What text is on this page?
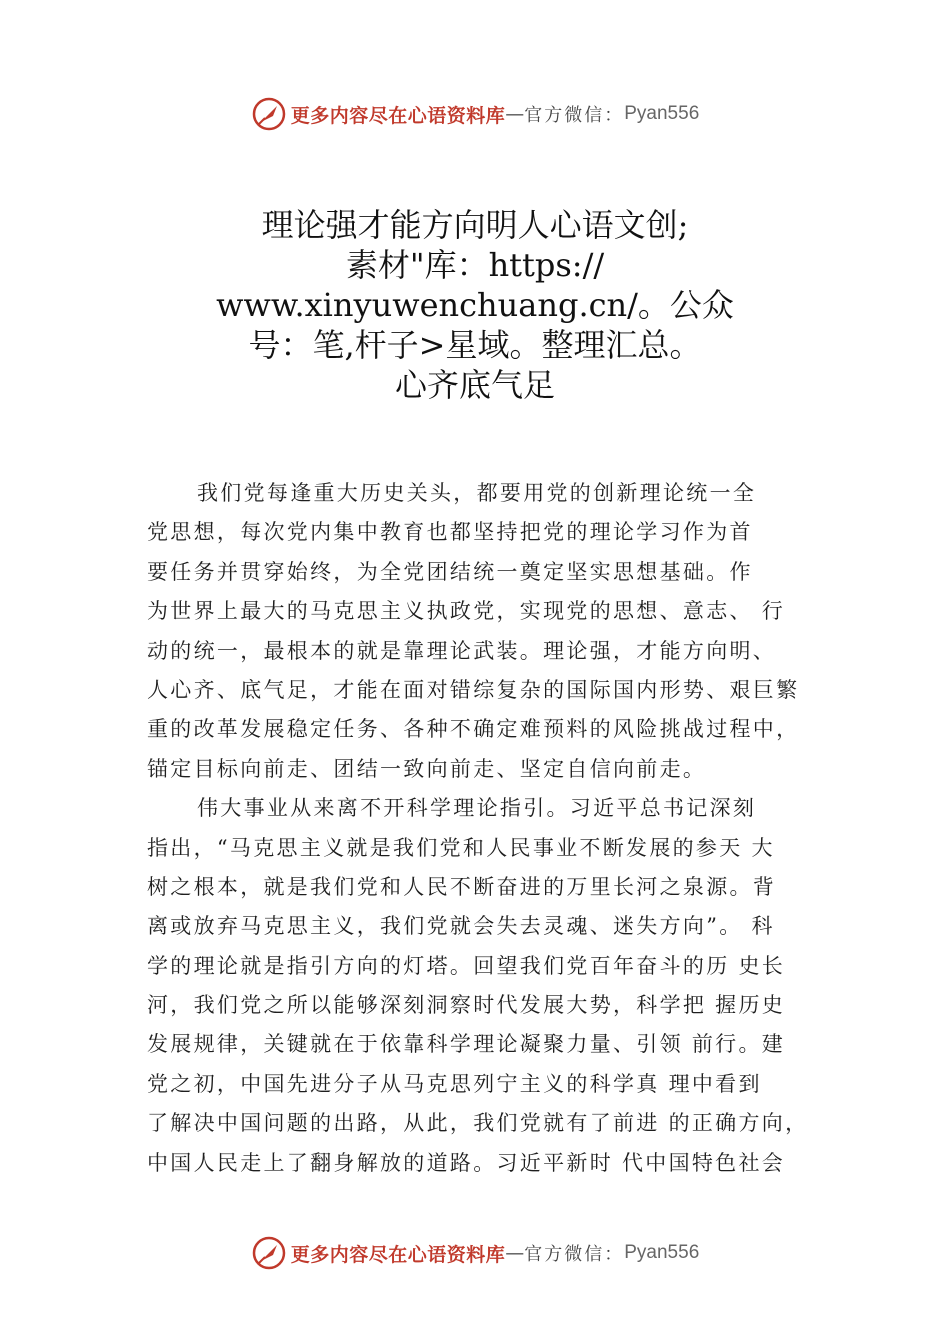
更多内容尽在心语资料库 — 官方微信： Pyan556
理论强才能方向明人心语文创;
素材"库：https://
www.xinyuwenchuang.cn/。公众
号：笔,杆子>星域。整理汇总。
心齐底气足
我们党每逢重大历史关头，都要用党的创新理论统一全
党思想，每次党内集中教育也都坚持把党的理论学习作为首
要任务并贯穿始终，为全党团结统一奠定坚实思想基础。作
为世界上最大的马克思主义执政党，实现党的思想、意志、 行
动的统一，最根本的就是靠理论武装。理论强，才能方向明、
人心齐、底气足，才能在面对错综复杂的国际国内形势、艰巨繁
重的改革发展稳定任务、各种不确定难预料的风险挑战过程中，
锚定目标向前走、团结一致向前走、坚定自信向前走。
伟大事业从来离不开科学理论指引。习近平总书记深刻
指出，“马克思主义就是我们党和人民事业不断发展的参天 大
树之根本，就是我们党和人民不断奋进的万里长河之泉源。背
离或放弃马克思主义，我们党就会失去灵魂、迷失方向”。 科
学的理论就是指引方向的灯塔。回望我们党百年奋斗的历 史长
河，我们党之所以能够深刻洞察时代发展大势，科学把 握历史
发展规律，关键就在于依靠科学理论凝聚力量、引领 前行。建
党之初，中国先进分子从马克思列宁主义的科学真 理中看到
了解决中国问题的出路，从此，我们党就有了前进 的正确方向，
中国人民走上了翻身解放的道路。习近平新时 代中国特色社会
更多内容尽在心语资料库 — 官方微信： Pyan556
